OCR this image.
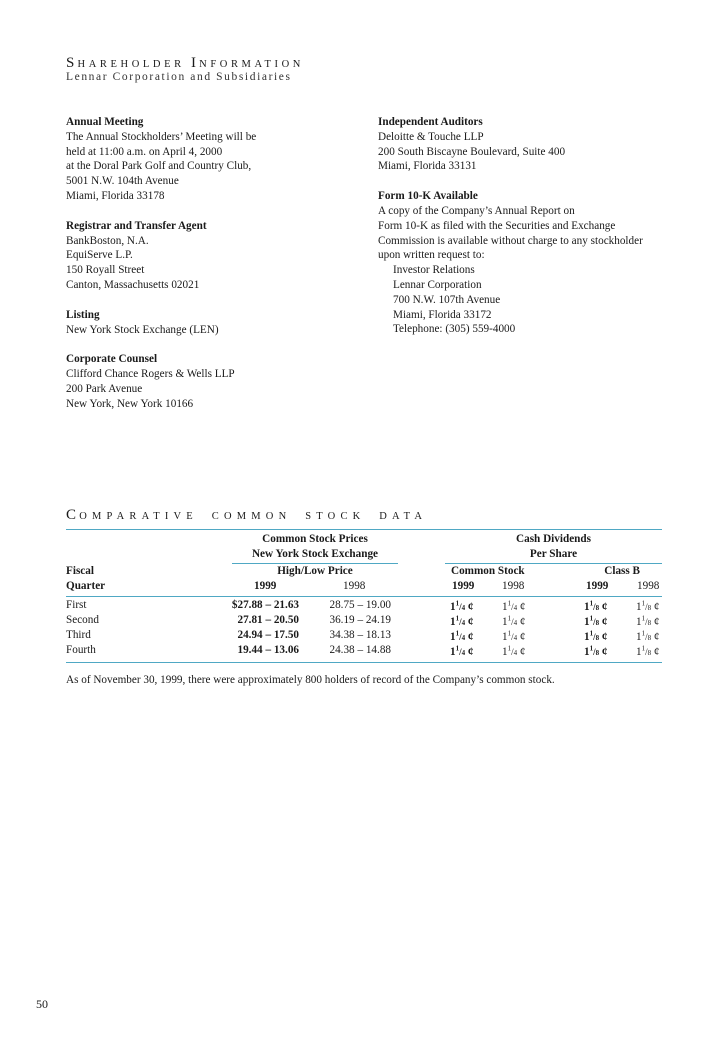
SHAREHOLDER INFORMATION
Lennar Corporation and Subsidiaries
Annual Meeting
The Annual Stockholders’ Meeting will be
held at 11:00 a.m. on April 4, 2000
at the Doral Park Golf and Country Club,
5001 N.W. 104th Avenue
Miami, Florida 33178
Registrar and Transfer Agent
BankBoston, N.A.
EquiServe L.P.
150 Royall Street
Canton, Massachusetts 02021
Listing
New York Stock Exchange (LEN)
Corporate Counsel
Clifford Chance Rogers & Wells LLP
200 Park Avenue
New York, New York 10166
Independent Auditors
Deloitte & Touche LLP
200 South Biscayne Boulevard, Suite 400
Miami, Florida 33131
Form 10-K Available
A copy of the Company’s Annual Report on
Form 10-K as filed with the Securities and Exchange
Commission is available without charge to any stockholder
upon written request to:
Investor Relations
Lennar Corporation
700 N.W. 107th Avenue
Miami, Florida 33172
Telephone: (305) 559-4000
COMPARATIVE COMMON STOCK DATA
Common Stock Prices
New York Stock Exchange
Cash Dividends
Per Share
Fiscal	High/Low Price	Common Stock	Class B
Quarter	1999	1998	1999 1998	1999	1998
First	$27.88 – 21.63	28.75 – 19.00	$1^1/4$ ¢	$1^1/4$ ¢	$1^1/8$ ¢	$1^1/8$ ¢
Second	27.81 – 20.50	36.19 – 24.19	$1^1/4$ ¢	$1^1/4$ ¢	$1^1/8$ ¢	$1^1/8$ ¢
Third	24.94 – 17.50	34.38 – 18.13	$1^1/4$ ¢	$1^1/4$ ¢	$1^1/8$ ¢	$1^1/8$ ¢
Fourth	19.44 – 13.06	24.38 – 14.88	$1^1/4$ ¢	$1^1/4$ ¢	$1^1/8$ ¢	$1^1/8$ ¢
As of November 30, 1999, there were approximately 800 holders of record of the Company’s common stock.
50
